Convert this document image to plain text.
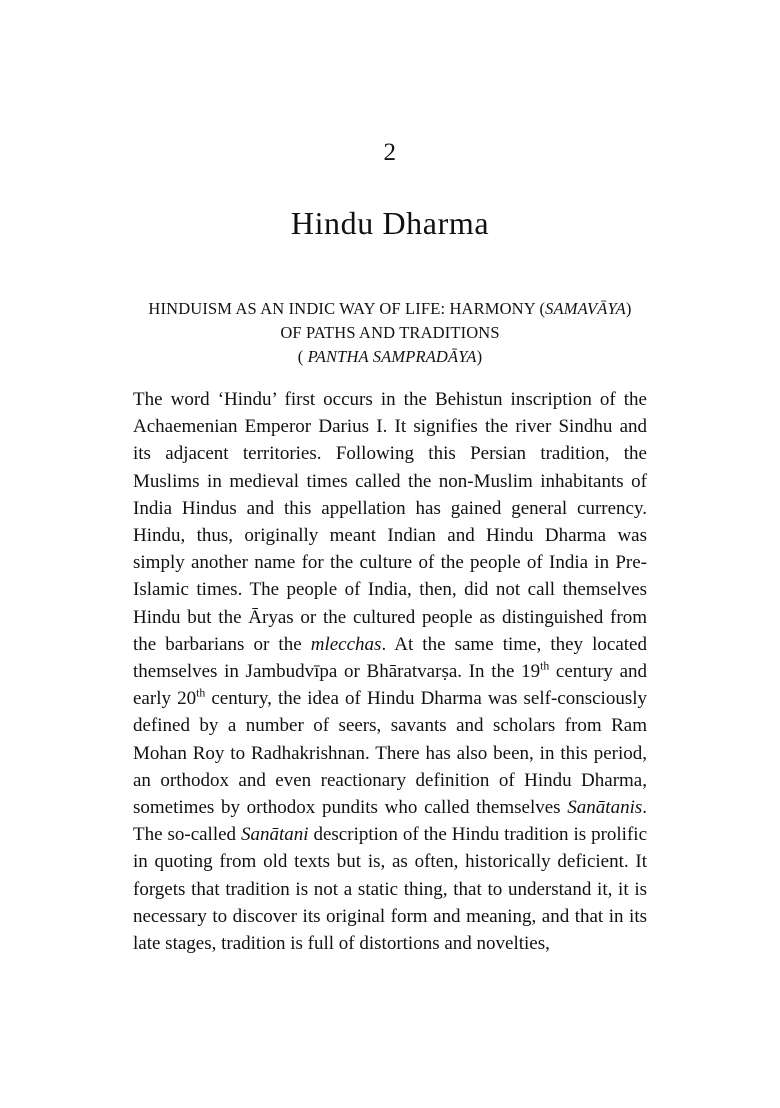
2
Hindu Dharma
HINDUISM AS AN INDIC WAY OF LIFE: HARMONY (SAMAVĀYA)
OF PATHS AND TRADITIONS
( PANTHA SAMPRADĀYA)

The word ‘Hindu’ first occurs in the Behistun inscription of the Achaemenian Emperor Darius I. It signifies the river Sindhu and its adjacent territories. Following this Persian tradition, the Muslims in medieval times called the non-Muslim inhabitants of India Hindus and this appellation has gained general currency. Hindu, thus, originally meant Indian and Hindu Dharma was simply another name for the culture of the people of India in Pre-Islamic times. The people of India, then, did not call themselves Hindu but the Āryas or the cultured people as distinguished from the barbarians or the mlecchas. At the same time, they located themselves in Jambudvīpa or Bhāratvarṣa. In the 19th century and early 20th century, the idea of Hindu Dharma was self-consciously defined by a number of seers, savants and scholars from Ram Mohan Roy to Radhakrishnan. There has also been, in this period, an orthodox and even reactionary definition of Hindu Dharma, sometimes by orthodox pundits who called themselves Sanātanis. The so-called Sanātani description of the Hindu tradition is prolific in quoting from old texts but is, as often, historically deficient. It forgets that tradition is not a static thing, that to understand it, it is necessary to discover its original form and meaning, and that in its late stages, tradition is full of distortions and novelties,
